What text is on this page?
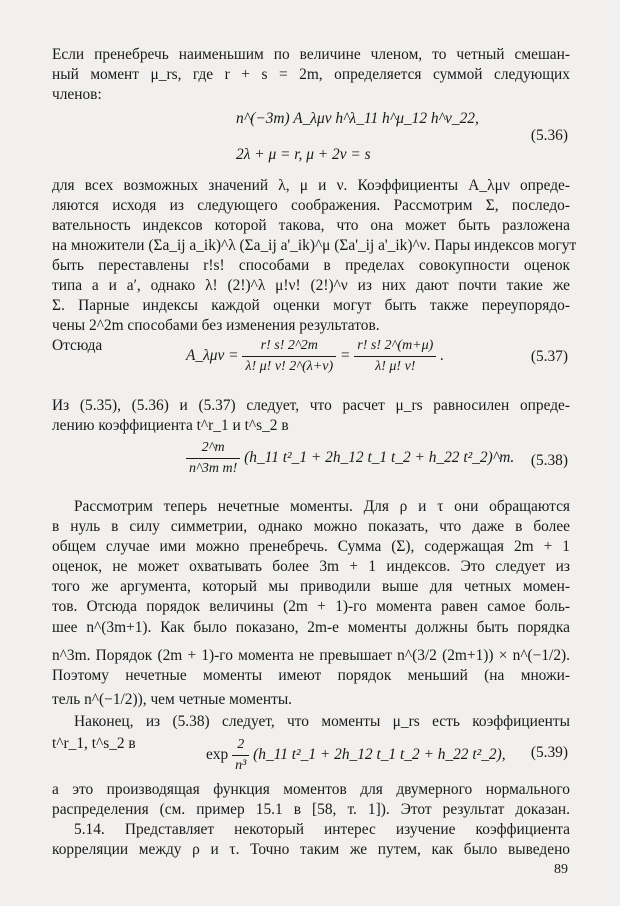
Если пренебречь наименьшим по величине членом, то четный смешан-
ный момент μ_rs, где r + s = 2m, определяется суммой следующих
членов:
n^(−3m) A_λμν h^λ_11 h^μ_12 h^ν_22,
2λ + μ = r, μ + 2ν = s
(5.36)
для всех возможных значений λ, μ и ν. Коэффициенты A_λμν опреде-
ляются исходя из следующего соображения. Рассмотрим Σ, последо-
вательность индексов которой такова, что она может быть разложена
на множители (Σa_ij a_ik)^λ (Σa_ij a'_ik)^μ (Σa'_ij a'_ik)^ν. Пары индексов могут
быть переставлены r!s! способами в пределах совокупности оценок
типа a и a′, однако λ! (2!)^λ μ!ν! (2!)^ν из них дают почти такие же
Σ. Парные индексы каждой оценки могут быть также переупорядо-
чены 2^2m способами без изменения результатов.
Отсюда
A_λμν = $\frac{r! s! 2\^{}2m}{\lambda! \mu! \nu! 2\^{}(\lambda+\nu)} = \frac{r! s! 2\^{}(m+\mu)}{\lambda! \mu! \nu!}$ .	(5.37)
Из (5.35), (5.36) и (5.37) следует, что расчет μ_rs равносилен опреде-
лению коэффициента t^r_1 и t^s_2 в
$\frac{2\^{}m}{\text{n\textasciicircum{}3m m!}}$ (h_11 t²_1 + 2h_12 t_1 t_2 + h_22 t²_2)^m. (5.38)
Рассмотрим теперь нечетные моменты. Для ρ и τ они обращаются
в нуль в силу симметрии, однако можно показать, что даже в более
общем случае ими можно пренебречь. Сумма (Σ), содержащая 2m + 1
оценок, не может охватывать более 3m + 1 индексов. Это следует из
того же аргумента, который мы приводили выше для четных момен-
тов. Отсюда порядок величины (2m + 1)-го момента равен самое боль-
шее n^(3m+1). Как было показано, 2m-е моменты должны быть порядка
n^3m. Порядок (2m + 1)-го момента не превышает n^(3/2 (2m+1)) × n^(−1/2).
Поэтому нечетные моменты имеют порядок меньший (на множи-
тель n^(−1/2)), чем четные моменты.
Наконец, из (5.38) следует, что моменты μ_rs есть коэффициенты
t^r_1, t^s_2 в
$\exp \frac{2}{\text{n³}}$ (h_11 t²_1 + 2h_12 t_1 t_2 + h_22 t²_2), (5.39)
а это производящая функция моментов для двумерного нормального
распределения (см. пример 15.1 в [58, т. 1]). Этот результат доказан.
5.14. Представляет некоторый интерес изучение коэффициента
корреляции между ρ и τ. Точно таким же путем, как было выведено
89
